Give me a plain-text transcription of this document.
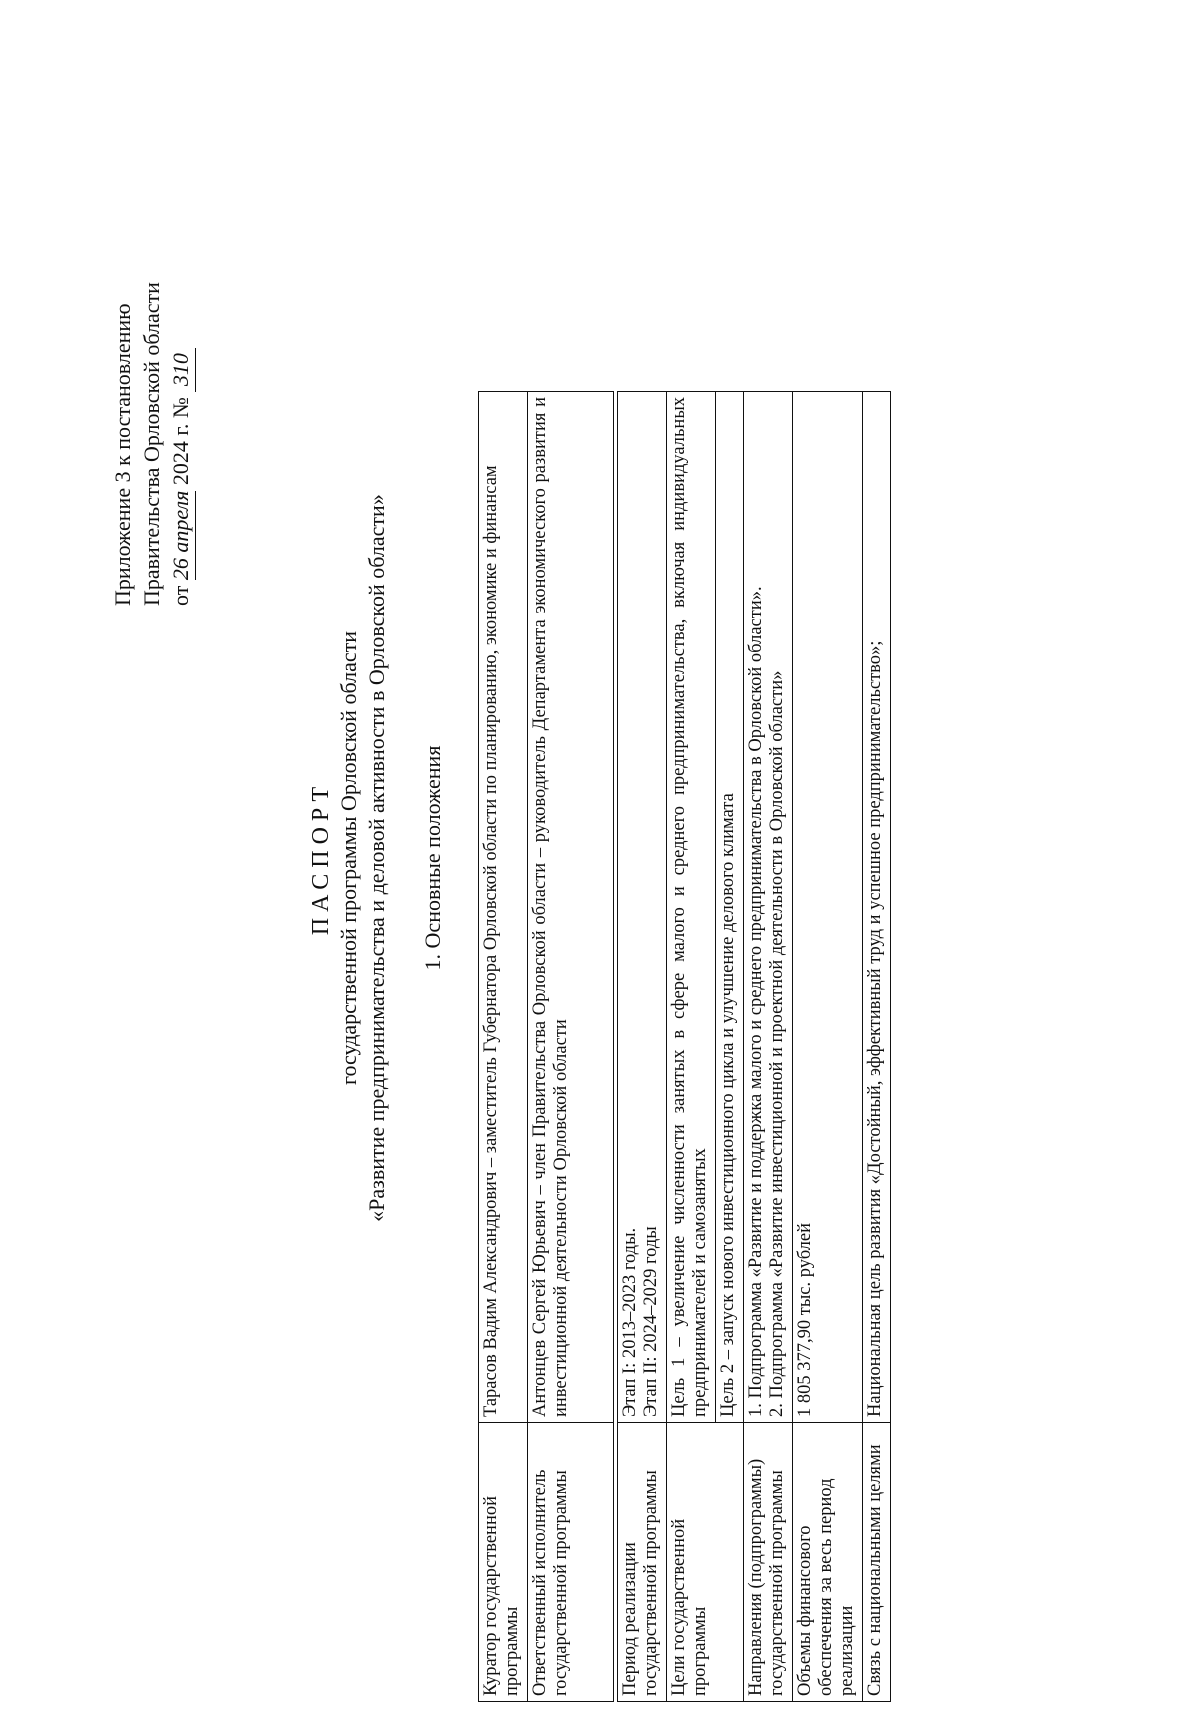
Приложение 3 к постановлению Правительства Орловской области от 26 апреля 2024 г. № 310
ПАСПОРТ государственной программы Орловской области «Развитие предпринимательства и деловой активности в Орловской области» 1. Основные положения
Куратор государственной программы	Тарасов Вадим Александрович – заместитель Губернатора Орловской области по планированию, экономике и финансам
Ответственный исполнитель государственной программы	Антонцев Сергей Юрьевич – член Правительства Орловской области – руководитель Департамента экономического развития и инвестиционной деятельности Орловской области
Период реализации государственной программы	Этап I: 2013–2023 годы. Этап II: 2024–2029 годы

Цели государственной программы	Цель 1 – увеличение численности занятых в сфере малого и среднего предпринимательства, включая индивидуальных предпринимателей и самозанятых
	Цель 2 – запуск нового инвестиционного цикла и улучшение делового климата
Направления (подпрограммы) государственной программы	1. Подпрограмма «Развитие и поддержка малого и среднего предпринимательства в Орловской области». 2. Подпрограмма «Развитие инвестиционной и проектной деятельности в Орловской области»

Объемы финансового обеспечения за весь период реализации	1 805 377,90 тыс. рублей
Связь с национальными целями	Национальная цель развития «Достойный, эффективный труд и успешное предпринимательство»;
